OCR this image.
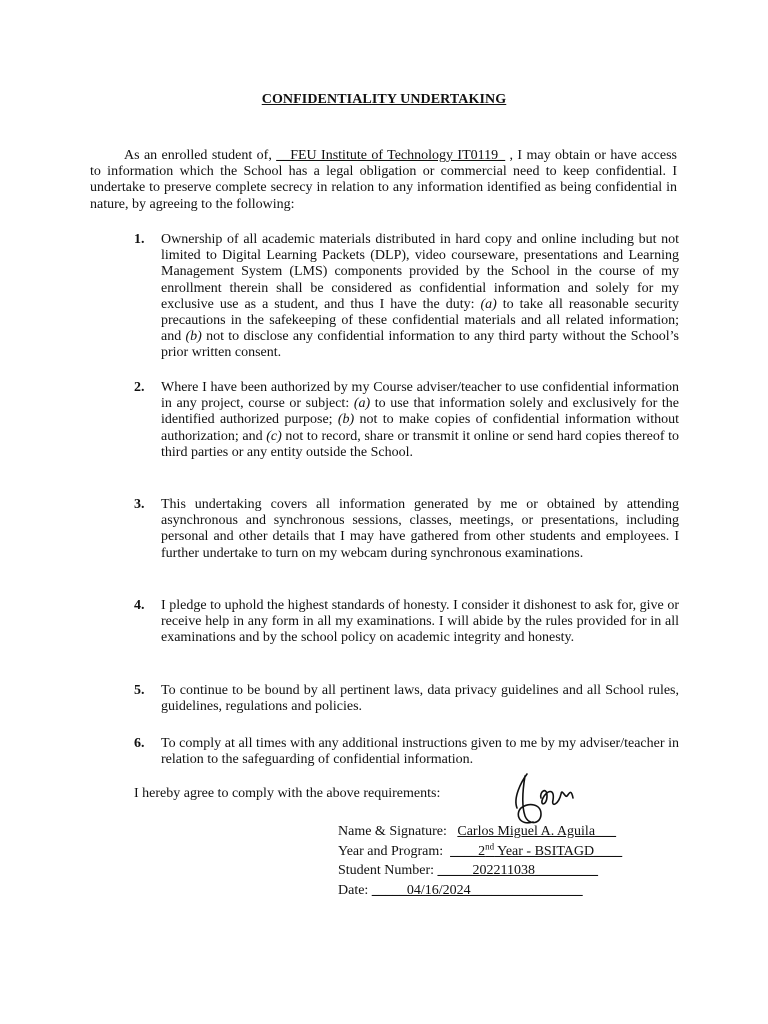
CONFIDENTIALITY UNDERTAKING

As an enrolled student of, __FEU Institute of Technology IT0119_ , I may obtain or have access to information which the School has a legal obligation or commercial need to keep confidential. I undertake to preserve complete secrecy in relation to any information identified as being confidential in nature, by agreeing to the following:

1. Ownership of all academic materials distributed in hard copy and online including but not limited to Digital Learning Packets (DLP), video courseware, presentations and Learning Management System (LMS) components provided by the School in the course of my enrollment therein shall be considered as confidential information and solely for my exclusive use as a student, and thus I have the duty: (a) to take all reasonable security precautions in the safekeeping of these confidential materials and all related information; and (b) not to disclose any confidential information to any third party without the School’s prior written consent.
2. Where I have been authorized by my Course adviser/teacher to use confidential information in any project, course or subject: (a) to use that information solely and exclusively for the identified authorized purpose; (b) not to make copies of confidential information without authorization; and (c) not to record, share or transmit it online or send hard copies thereof to third parties or any entity outside the School.
3. This undertaking covers all information generated by me or obtained by attending asynchronous and synchronous sessions, classes, meetings, or presentations, including personal and other details that I may have gathered from other students and employees. I further undertake to turn on my webcam during synchronous examinations.
4. I pledge to uphold the highest standards of honesty. I consider it dishonest to ask for, give or receive help in any form in all my examinations. I will abide by the rules provided for in all examinations and by the school policy on academic integrity and honesty.
5. To continue to be bound by all pertinent laws, data privacy guidelines and all School rules, guidelines, regulations and policies.
6. To comply at all times with any additional instructions given to me by my adviser/teacher in relation to the safeguarding of confidential information.
I hereby agree to comply with the above requirements:
Name & Signature: Carlos Miguel A. Aguila___
Year and Program: ____2nd Year - BSITAGD____
Student Number: _____202211038_________
Date: _____04/16/2024________________
